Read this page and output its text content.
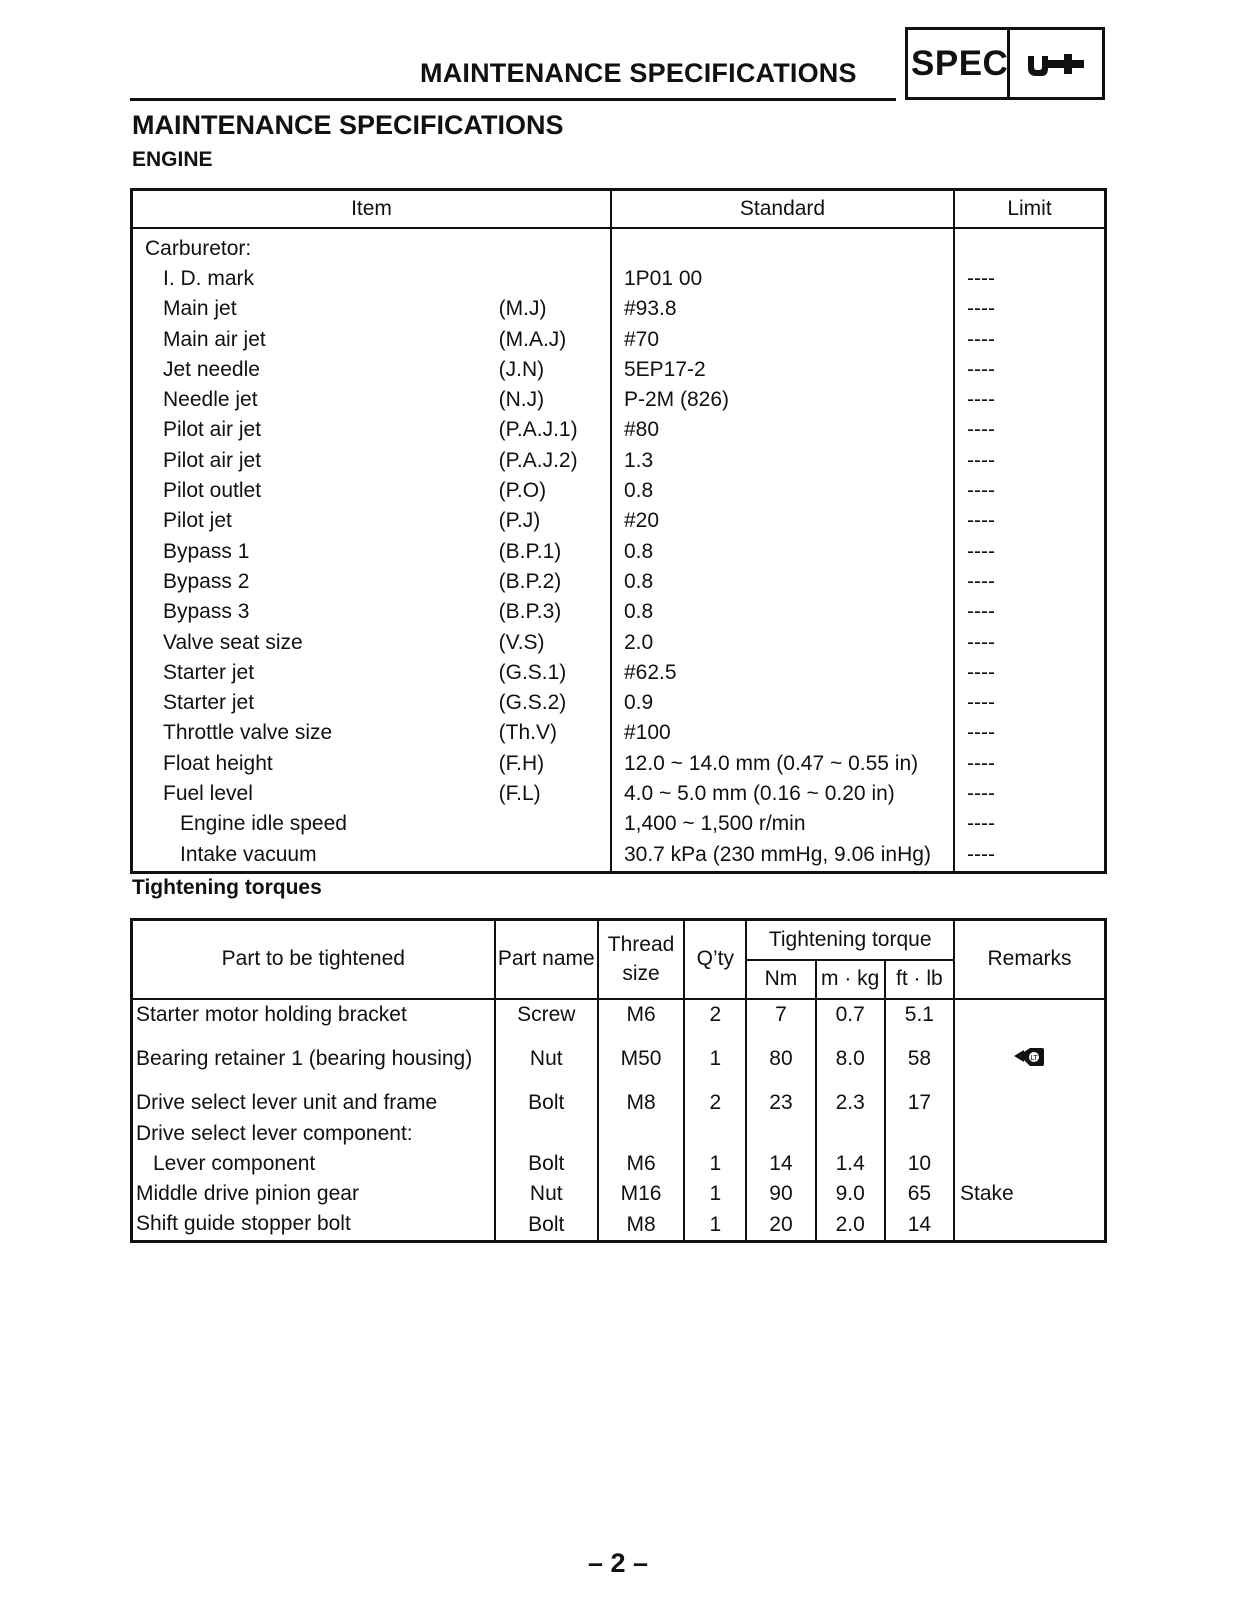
MAINTENANCE SPECIFICATIONS SPEC
MAINTENANCE SPECIFICATIONS
ENGINE
Item		Standard	Limit
Carburetor:			
I. D. mark		1P01 00	----
Main jet	(M.J)	#93.8	----
Main air jet	(M.A.J)	#70	----
Jet needle	(J.N)	5EP17-2	----
Needle jet	(N.J)	P-2M (826)	----
Pilot air jet	(P.A.J.1)	#80	----
Pilot air jet	(P.A.J.2)	1.3	----
Pilot outlet	(P.O)	0.8	----
Pilot jet	(P.J)	#20	----
Bypass 1	(B.P.1)	0.8	----
Bypass 2	(B.P.2)	0.8	----
Bypass 3	(B.P.3)	0.8	----
Valve seat size	(V.S)	2.0	----
Starter jet	(G.S.1)	#62.5	----
Starter jet	(G.S.2)	0.9	----
Throttle valve size	(Th.V)	#100	----
Float height	(F.H)	12.0 ~ 14.0 mm (0.47 ~ 0.55 in)	----
Fuel level	(F.L)	4.0 ~ 5.0 mm (0.16 ~ 0.20 in)	----
Engine idle speed		1,400 ~ 1,500 r/min	----
Intake vacuum		30.7 kPa (230 mmHg, 9.06 inHg)	----
Tightening torques
Part to be tightened	Part name	Thread size	Q’ty	Tightening torque			Remarks
				Nm	m · kg	ft · lb	
Starter motor holding bracket	Screw	M6	2	7	0.7	5.1	
Bearing retainer 1 (bearing housing)	Nut	M50	1	80	8.0	58	LT

Drive select lever unit and frame	Bolt	M8	2	23	2.3	17	
Drive select lever component:							
Lever component	Bolt	M6	1	14	1.4	10	
Middle drive pinion gear	Nut	M16	1	90	9.0	65	Stake
Shift guide stopper bolt	Bolt	M8	1	20	2.0	14	
– 2 –
